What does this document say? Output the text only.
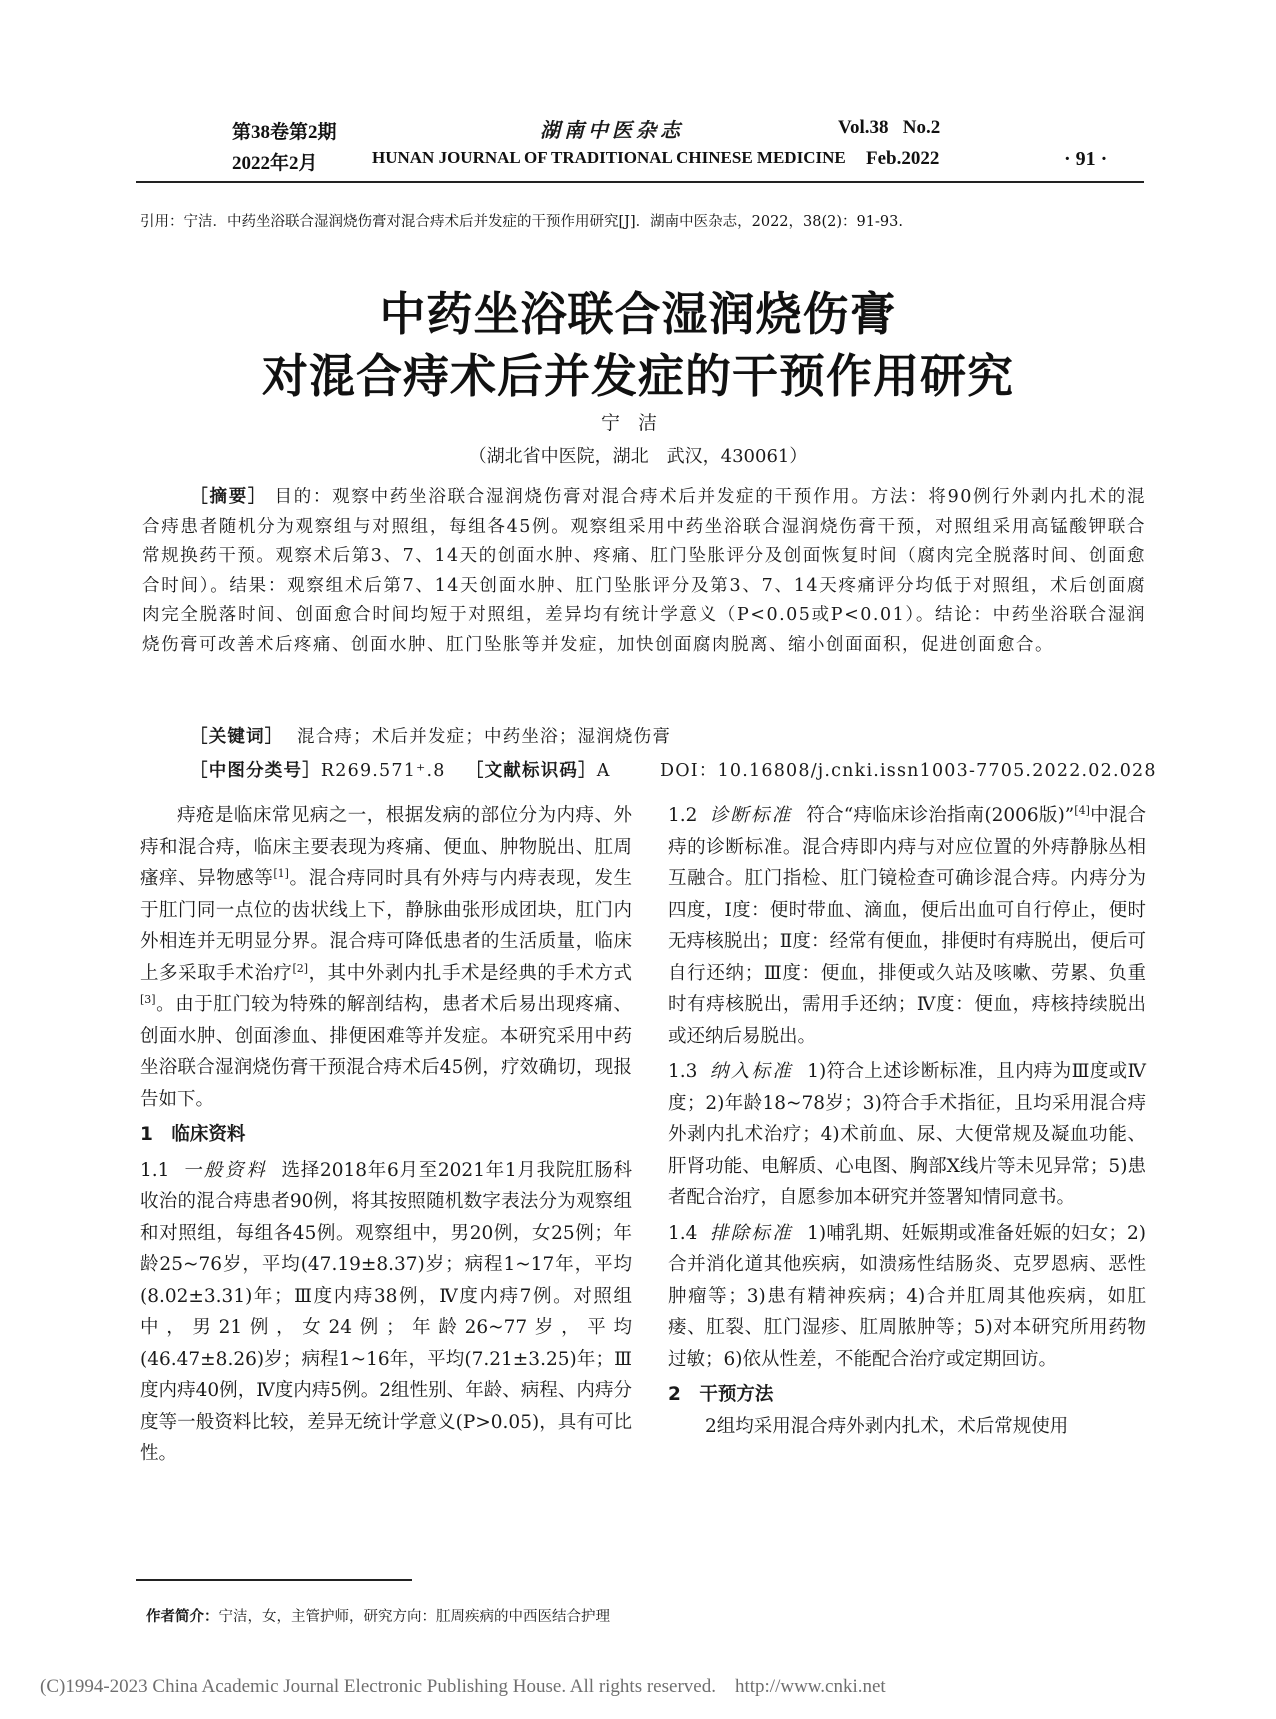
第38卷第2期	湖南中医杂志	Vol.38   No.2
2022年2月	HUNAN JOURNAL OF TRADITIONAL CHINESE MEDICINE Feb.2022	· 91 ·
引用：宁洁．中药坐浴联合湿润烧伤膏对混合痔术后并发症的干预作用研究[J]．湖南中医杂志，2022，38(2)：91-93.
中药坐浴联合湿润烧伤膏
对混合痔术后并发症的干预作用研究
宁洁
（湖北省中医院，湖北　武汉，430061）
［摘要］ 目的：观察中药坐浴联合湿润烧伤膏对混合痔术后并发症的干预作用。方法：将90例行外剥内扎术的混合痔患者随机分为观察组与对照组，每组各45例。观察组采用中药坐浴联合湿润烧伤膏干预，对照组采用高锰酸钾联合常规换药干预。观察术后第3、7、14天的创面水肿、疼痛、肛门坠胀评分及创面恢复时间（腐肉完全脱落时间、创面愈合时间）。结果：观察组术后第7、14天创面水肿、肛门坠胀评分及第3、7、14天疼痛评分均低于对照组，术后创面腐肉完全脱落时间、创面愈合时间均短于对照组，差异均有统计学意义（P<0.05或P<0.01）。结论：中药坐浴联合湿润烧伤膏可改善术后疼痛、创面水肿、肛门坠胀等并发症，加快创面腐肉脱离、缩小创面面积，促进创面愈合。
［关键词］ 混合痔；术后并发症；中药坐浴；湿润烧伤膏
［中图分类号］R269.571⁺.8 ［文献标识码］A	DOI：10.16808/j.cnki.issn1003-7705.2022.02.028

痔疮是临床常见病之一，根据发病的部位分为内痔、外痔和混合痔，临床主要表现为疼痛、便血、肿物脱出、肛周瘙痒、异物感等[1]。混合痔同时具有外痔与内痔表现，发生于肛门同一点位的齿状线上下，静脉曲张形成团块，肛门内外相连并无明显分界。混合痔可降低患者的生活质量，临床上多采取手术治疗[2]，其中外剥内扎手术是经典的手术方式[3]。由于肛门较为特殊的解剖结构，患者术后易出现疼痛、创面水肿、创面渗血、排便困难等并发症。本研究采用中药坐浴联合湿润烧伤膏干预混合痔术后45例，疗效确切，现报告如下。

1　临床资料

1.1 一般资料 选择2018年6月至2021年1月我院肛肠科收治的混合痔患者90例，将其按照随机数字表法分为观察组和对照组，每组各45例。观察组中，男20例，女25例；年龄25~76岁，平均(47.19±8.37)岁；病程1~17年，平均(8.02±3.31)年；Ⅲ度内痔38例，Ⅳ度内痔7例。对照组中，男21例，女24例；年龄26~77岁，平均(46.47±8.26)岁；病程1~16年，平均(7.21±3.25)年；Ⅲ度内痔40例，Ⅳ度内痔5例。2组性别、年龄、病程、内痔分度等一般资料比较，差异无统计学意义(P>0.05)，具有可比性。

1.2 诊断标准 符合“痔临床诊治指南(2006版)”[4]中混合痔的诊断标准。混合痔即内痔与对应位置的外痔静脉丛相互融合。肛门指检、肛门镜检查可确诊混合痔。内痔分为四度，Ⅰ度：便时带血、滴血，便后出血可自行停止，便时无痔核脱出；Ⅱ度：经常有便血，排便时有痔脱出，便后可自行还纳；Ⅲ度：便血，排便或久站及咳嗽、劳累、负重时有痔核脱出，需用手还纳；Ⅳ度：便血，痔核持续脱出或还纳后易脱出。

1.3 纳入标准 1)符合上述诊断标准，且内痔为Ⅲ度或Ⅳ度；2)年龄18~78岁；3)符合手术指征，且均采用混合痔外剥内扎术治疗；4)术前血、尿、大便常规及凝血功能、肝肾功能、电解质、心电图、胸部X线片等未见异常；5)患者配合治疗，自愿参加本研究并签署知情同意书。

1.4 排除标准 1)哺乳期、妊娠期或准备妊娠的妇女；2)合并消化道其他疾病，如溃疡性结肠炎、克罗恩病、恶性肿瘤等；3)患有精神疾病；4)合并肛周其他疾病，如肛瘘、肛裂、肛门湿疹、肛周脓肿等；5)对本研究所用药物过敏；6)依从性差，不能配合治疗或定期回访。

2　干预方法

2组均采用混合痔外剥内扎术，术后常规使用

作者简介：宁洁，女，主管护师，研究方向：肛周疾病的中西医结合护理
(C)1994-2023 China Academic Journal Electronic Publishing House. All rights reserved.    http://www.cnki.net
